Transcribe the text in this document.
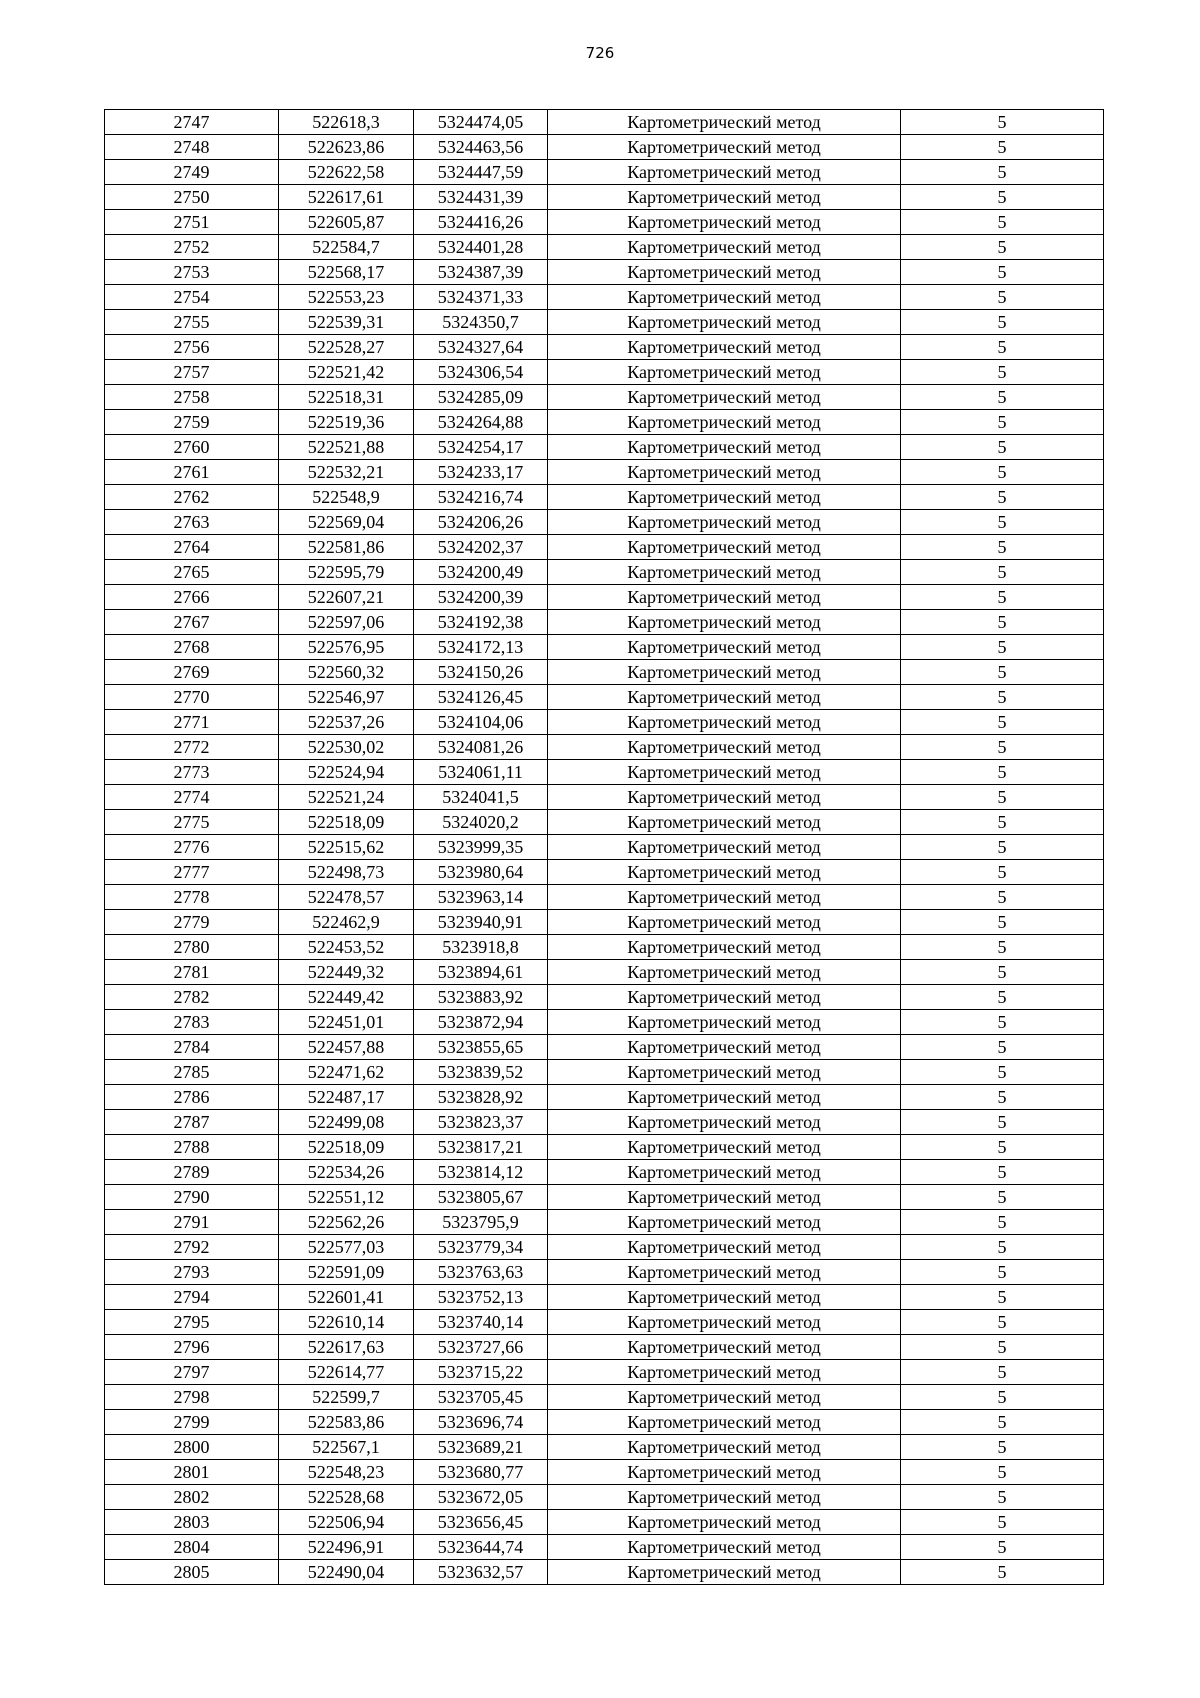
726
2747	522618,3	5324474,05	Картометрический метод	5
2748	522623,86	5324463,56	Картометрический метод	5
2749	522622,58	5324447,59	Картометрический метод	5
2750	522617,61	5324431,39	Картометрический метод	5
2751	522605,87	5324416,26	Картометрический метод	5
2752	522584,7	5324401,28	Картометрический метод	5
2753	522568,17	5324387,39	Картометрический метод	5
2754	522553,23	5324371,33	Картометрический метод	5
2755	522539,31	5324350,7	Картометрический метод	5
2756	522528,27	5324327,64	Картометрический метод	5
2757	522521,42	5324306,54	Картометрический метод	5
2758	522518,31	5324285,09	Картометрический метод	5
2759	522519,36	5324264,88	Картометрический метод	5
2760	522521,88	5324254,17	Картометрический метод	5
2761	522532,21	5324233,17	Картометрический метод	5
2762	522548,9	5324216,74	Картометрический метод	5
2763	522569,04	5324206,26	Картометрический метод	5
2764	522581,86	5324202,37	Картометрический метод	5
2765	522595,79	5324200,49	Картометрический метод	5
2766	522607,21	5324200,39	Картометрический метод	5
2767	522597,06	5324192,38	Картометрический метод	5
2768	522576,95	5324172,13	Картометрический метод	5
2769	522560,32	5324150,26	Картометрический метод	5
2770	522546,97	5324126,45	Картометрический метод	5
2771	522537,26	5324104,06	Картометрический метод	5
2772	522530,02	5324081,26	Картометрический метод	5
2773	522524,94	5324061,11	Картометрический метод	5
2774	522521,24	5324041,5	Картометрический метод	5
2775	522518,09	5324020,2	Картометрический метод	5
2776	522515,62	5323999,35	Картометрический метод	5
2777	522498,73	5323980,64	Картометрический метод	5
2778	522478,57	5323963,14	Картометрический метод	5
2779	522462,9	5323940,91	Картометрический метод	5
2780	522453,52	5323918,8	Картометрический метод	5
2781	522449,32	5323894,61	Картометрический метод	5
2782	522449,42	5323883,92	Картометрический метод	5
2783	522451,01	5323872,94	Картометрический метод	5
2784	522457,88	5323855,65	Картометрический метод	5
2785	522471,62	5323839,52	Картометрический метод	5
2786	522487,17	5323828,92	Картометрический метод	5
2787	522499,08	5323823,37	Картометрический метод	5
2788	522518,09	5323817,21	Картометрический метод	5
2789	522534,26	5323814,12	Картометрический метод	5
2790	522551,12	5323805,67	Картометрический метод	5
2791	522562,26	5323795,9	Картометрический метод	5
2792	522577,03	5323779,34	Картометрический метод	5
2793	522591,09	5323763,63	Картометрический метод	5
2794	522601,41	5323752,13	Картометрический метод	5
2795	522610,14	5323740,14	Картометрический метод	5
2796	522617,63	5323727,66	Картометрический метод	5
2797	522614,77	5323715,22	Картометрический метод	5
2798	522599,7	5323705,45	Картометрический метод	5
2799	522583,86	5323696,74	Картометрический метод	5
2800	522567,1	5323689,21	Картометрический метод	5
2801	522548,23	5323680,77	Картометрический метод	5
2802	522528,68	5323672,05	Картометрический метод	5
2803	522506,94	5323656,45	Картометрический метод	5
2804	522496,91	5323644,74	Картометрический метод	5
2805	522490,04	5323632,57	Картометрический метод	5
